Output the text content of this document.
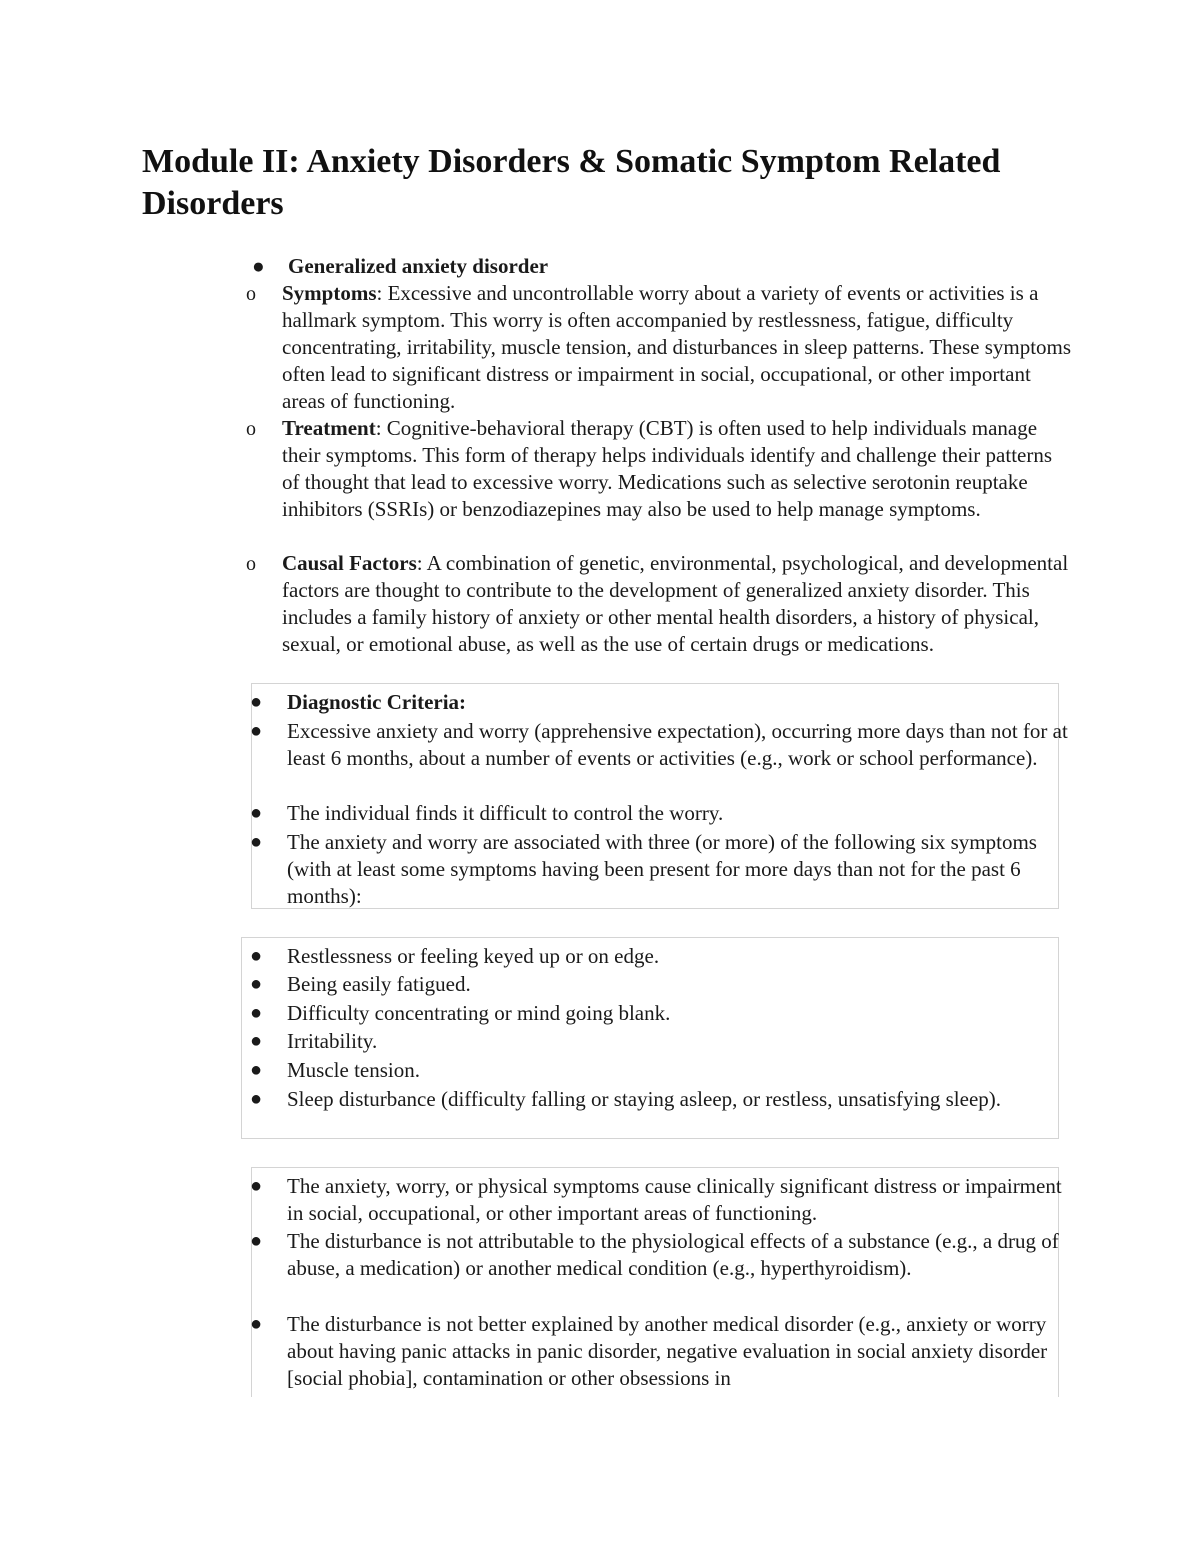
Module II: Anxiety Disorders & Somatic Symptom Related Disorders
● Generalized anxiety disorder
o Symptoms: Excessive and uncontrollable worry about a variety of events or activities is a hallmark symptom. This worry is often accompanied by restlessness, fatigue, difficulty concentrating, irritability, muscle tension, and disturbances in sleep patterns. These symptoms often lead to significant distress or impairment in social, occupational, or other important areas of functioning.
o Treatment: Cognitive-behavioral therapy (CBT) is often used to help individuals manage their symptoms. This form of therapy helps individuals identify and challenge their patterns of thought that lead to excessive worry. Medications such as selective serotonin reuptake inhibitors (SSRIs) or benzodiazepines may also be used to help manage symptoms.
o Causal Factors: A combination of genetic, environmental, psychological, and developmental factors are thought to contribute to the development of generalized anxiety disorder. This includes a family history of anxiety or other mental health disorders, a history of physical, sexual, or emotional abuse, as well as the use of certain drugs or medications.
● Diagnostic Criteria:
● Excessive anxiety and worry (apprehensive expectation), occurring more days than not for at least 6 months, about a number of events or activities (e.g., work or school performance).
● The individual finds it difficult to control the worry.
● The anxiety and worry are associated with three (or more) of the following six symptoms (with at least some symptoms having been present for more days than not for the past 6 months):
● Restlessness or feeling keyed up or on edge.
● Being easily fatigued.
● Difficulty concentrating or mind going blank.
● Irritability.
● Muscle tension.
● Sleep disturbance (difficulty falling or staying asleep, or restless, unsatisfying sleep).
● The anxiety, worry, or physical symptoms cause clinically significant distress or impairment in social, occupational, or other important areas of functioning.
● The disturbance is not attributable to the physiological effects of a substance (e.g., a drug of abuse, a medication) or another medical condition (e.g., hyperthyroidism).
● The disturbance is not better explained by another medical disorder (e.g., anxiety or worry about having panic attacks in panic disorder, negative evaluation in social anxiety disorder [social phobia], contamination or other obsessions in
